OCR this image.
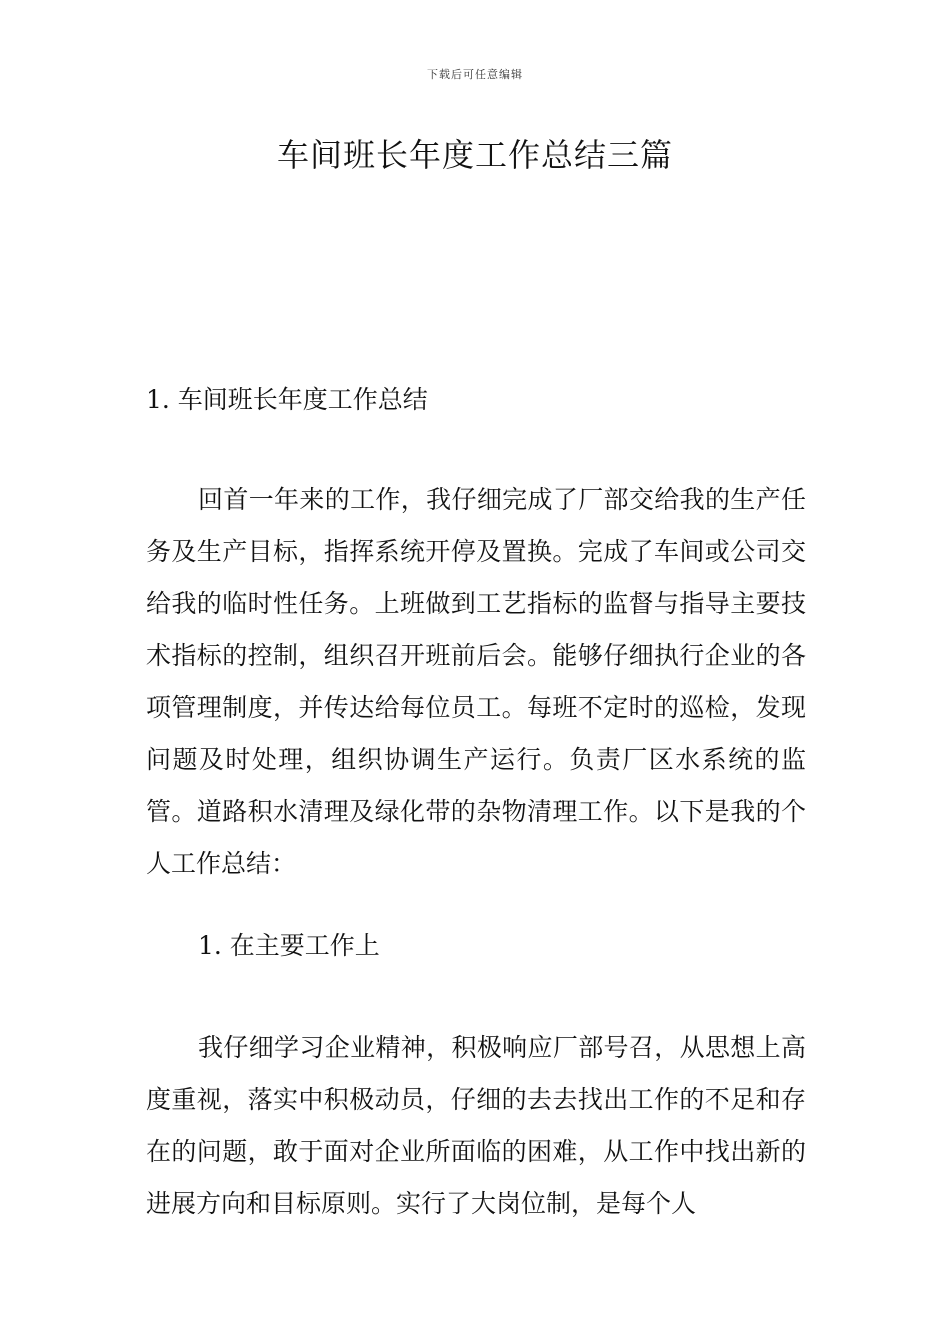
下载后可任意编辑
车间班长年度工作总结三篇
1. 车间班长年度工作总结

回首一年来的工作，我仔细完成了厂部交给我的生产任务及生产目标，指挥系统开停及置换。完成了车间或公司交给我的临时性任务。上班做到工艺指标的监督与指导主要技术指标的控制，组织召开班前后会。能够仔细执行企业的各项管理制度，并传达给每位员工。每班不定时的巡检，发现问题及时处理，组织协调生产运行。负责厂区水系统的监管。道路积水清理及绿化带的杂物清理工作。以下是我的个人工作总结：

1. 在主要工作上

我仔细学习企业精神，积极响应厂部号召，从思想上高度重视，落实中积极动员，仔细的去去找出工作的不足和存在的问题，敢于面对企业所面临的困难，从工作中找出新的进展方向和目标原则。实行了大岗位制，是每个人
